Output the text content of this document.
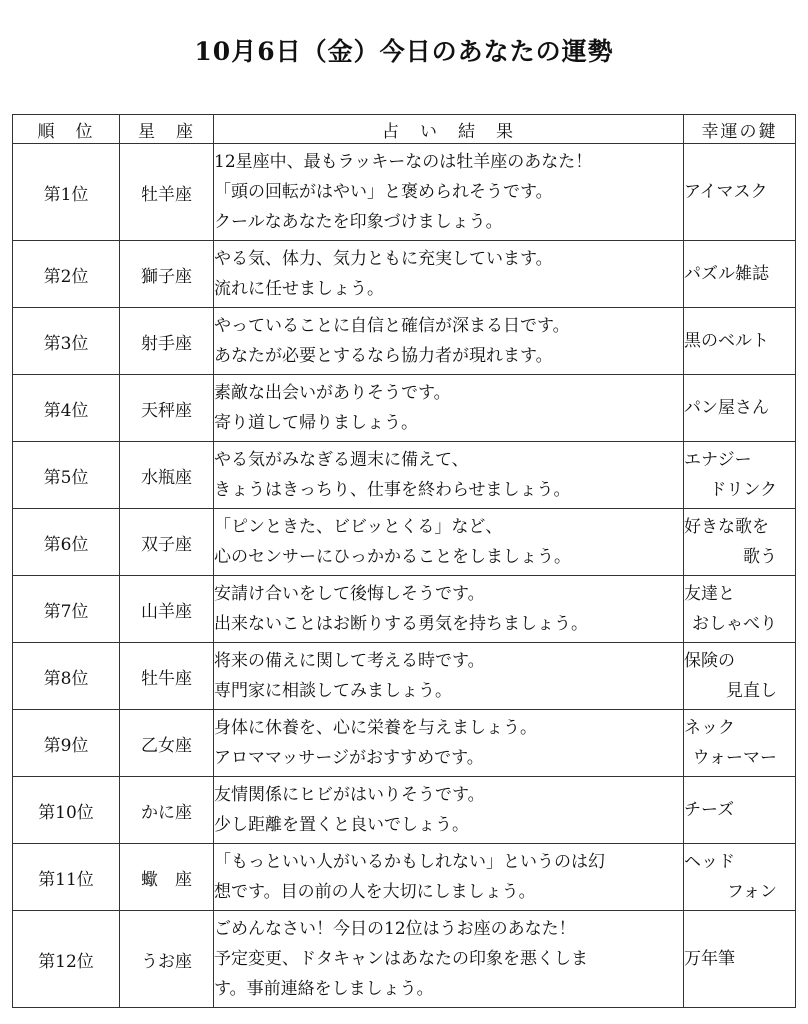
10月6日（金）今日のあなたの運勢
順　位	星　座	占　い　結　果	幸運の鍵
第1位	牡羊座	12星座中、最もラッキーなのは牡羊座のあなた！
「頭の回転がはやい」と褒められそうです。
クールなあなたを印象づけましょう。	アイマスク

第2位	獅子座	やる気、体力、気力ともに充実しています。
流れに任せましょう。	パズル雑誌

第3位	射手座	やっていることに自信と確信が深まる日です。
あなたが必要とするなら協力者が現れます。	黒のベルト

第4位	天秤座	素敵な出会いがありそうです。
寄り道して帰りましょう。	パン屋さん

第5位	水瓶座	やる気がみなぎる週末に備えて、
きょうはきっちり、仕事を終わらせましょう。	エナジー
ドリンク

第6位	双子座	「ピンときた、ビビッとくる」など、
心のセンサーにひっかかることをしましょう。	好きな歌を
歌う

第7位	山羊座	安請け合いをして後悔しそうです。
出来ないことはお断りする勇気を持ちましょう。	友達と
おしゃべり

第8位	牡牛座	将来の備えに関して考える時です。
専門家に相談してみましょう。	保険の
見直し

第9位	乙女座	身体に休養を、心に栄養を与えましょう。
アロママッサージがおすすめです。	ネック
ウォーマー

第10位	かに座	友情関係にヒビがはいりそうです。
少し距離を置くと良いでしょう。	チーズ

第11位	蠍　座	「もっといい人がいるかもしれない」というのは幻
想です。目の前の人を大切にしましょう。	ヘッド
フォン

第12位	うお座	ごめんなさい！今日の12位はうお座のあなた！
予定変更、ドタキャンはあなたの印象を悪くしま
す。事前連絡をしましょう。	万年筆
